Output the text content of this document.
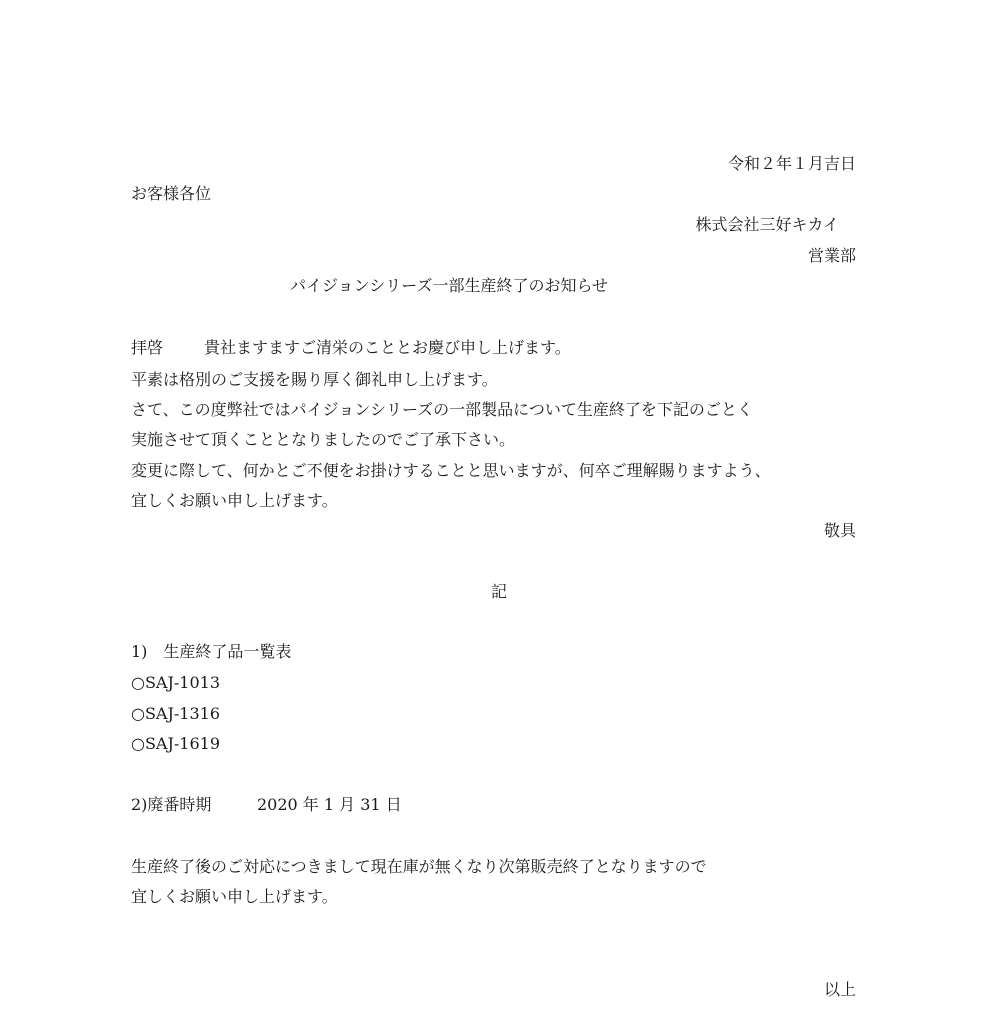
令和２年１月吉日
お客様各位
株式会社三好キカイ
営業部
パイジョンシリーズ一部生産終了のお知らせ
拝啓	貴社ますますご清栄のこととお慶び申し上げます。
平素は格別のご支援を賜り厚く御礼申し上げます。
さて、この度弊社ではパイジョンシリーズの一部製品について生産終了を下記のごとく
実施させて頂くこととなりましたのでご了承下さい。
変更に際して、何かとご不便をお掛けすることと思いますが、何卒ご理解賜りますよう、
宜しくお願い申し上げます。
敬具
記
1)　生産終了品一覧表
○SAJ-1013
○SAJ-1316
○SAJ-1619
2)廃番時期	2020 年 1 月 31 日
生産終了後のご対応につきまして現在庫が無くなり次第販売終了となりますので
宜しくお願い申し上げます。
以上
